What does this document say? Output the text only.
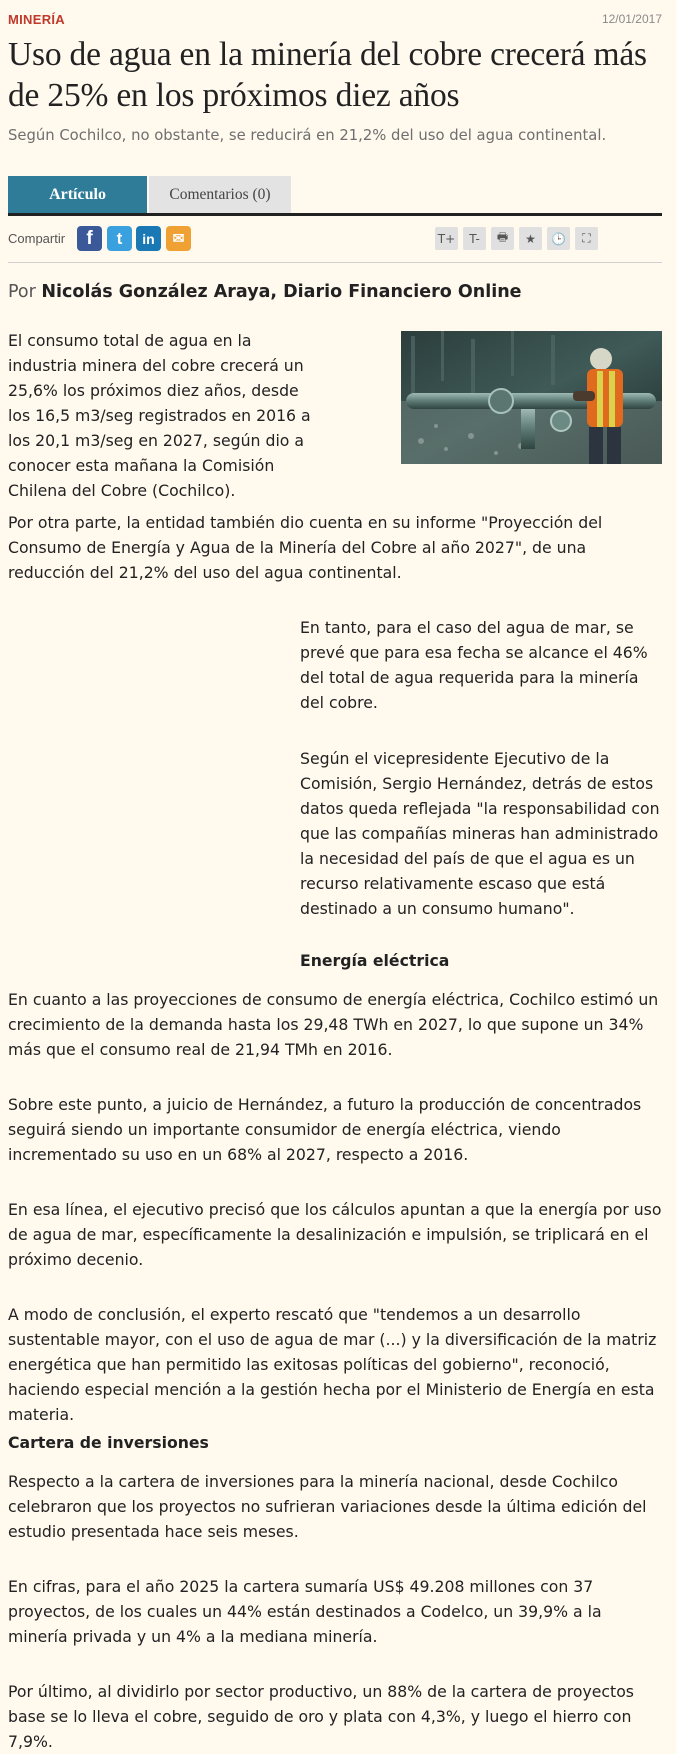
MINERÍA	12/01/2017
Uso de agua en la minería del cobre crecerá más de 25% en los próximos diez años
Según Cochilco, no obstante, se reducirá en 21,2% del uso del agua continental.
Artículo	Comentarios (0)
Compartir	f	t	in	✉	T+	T-	🖶	★	🕒	⛶
Por Nicolás González Araya, Diario Financiero Online

El consumo total de agua en la industria minera del cobre crecerá un 25,6% los próximos diez años, desde los 16,5 m3/seg registrados en 2016 a los 20,1 m3/seg en 2027, según dio a conocer esta mañana la Comisión Chilena del Cobre (Cochilco).

Por otra parte, la entidad también dio cuenta en su informe "Proyección del Consumo de Energía y Agua de la Minería del Cobre al año 2027", de una reducción del 21,2% del uso del agua continental.

En tanto, para el caso del agua de mar, se prevé que para esa fecha se alcance el 46% del total de agua requerida para la minería del cobre.

Según el vicepresidente Ejecutivo de la Comisión, Sergio Hernández, detrás de estos datos queda reflejada "la responsabilidad con que las compañías mineras han administrado la necesidad del país de que el agua es un recurso relativamente escaso que está destinado a un consumo humano".

Energía eléctrica

En cuanto a las proyecciones de consumo de energía eléctrica, Cochilco estimó un crecimiento de la demanda hasta los 29,48 TWh en 2027, lo que supone un 34% más que el consumo real de 21,94 TMh en 2016.

Sobre este punto, a juicio de Hernández, a futuro la producción de concentrados seguirá siendo un importante consumidor de energía eléctrica, viendo incrementado su uso en un 68% al 2027, respecto a 2016.

En esa línea, el ejecutivo precisó que los cálculos apuntan a que la energía por uso de agua de mar, específicamente la desalinización e impulsión, se triplicará en el próximo decenio.

A modo de conclusión, el experto rescató que "tendemos a un desarrollo sustentable mayor, con el uso de agua de mar (...) y la diversificación de la matriz energética que han permitido las exitosas políticas del gobierno", reconoció, haciendo especial mención a la gestión hecha por el Ministerio de Energía en esta materia.

Cartera de inversiones

Respecto a la cartera de inversiones para la minería nacional, desde Cochilco celebraron que los proyectos no sufrieran variaciones desde la última edición del estudio presentada hace seis meses.

En cifras, para el año 2025 la cartera sumaría US$ 49.208 millones con 37 proyectos, de los cuales un 44% están destinados a Codelco, un 39,9% a la minería privada y un 4% a la mediana minería.

Por último, al dividirlo por sector productivo, un 88% de la cartera de proyectos base se lo lleva el cobre, seguido de oro y plata con 4,3%, y luego el hierro con 7,9%.
